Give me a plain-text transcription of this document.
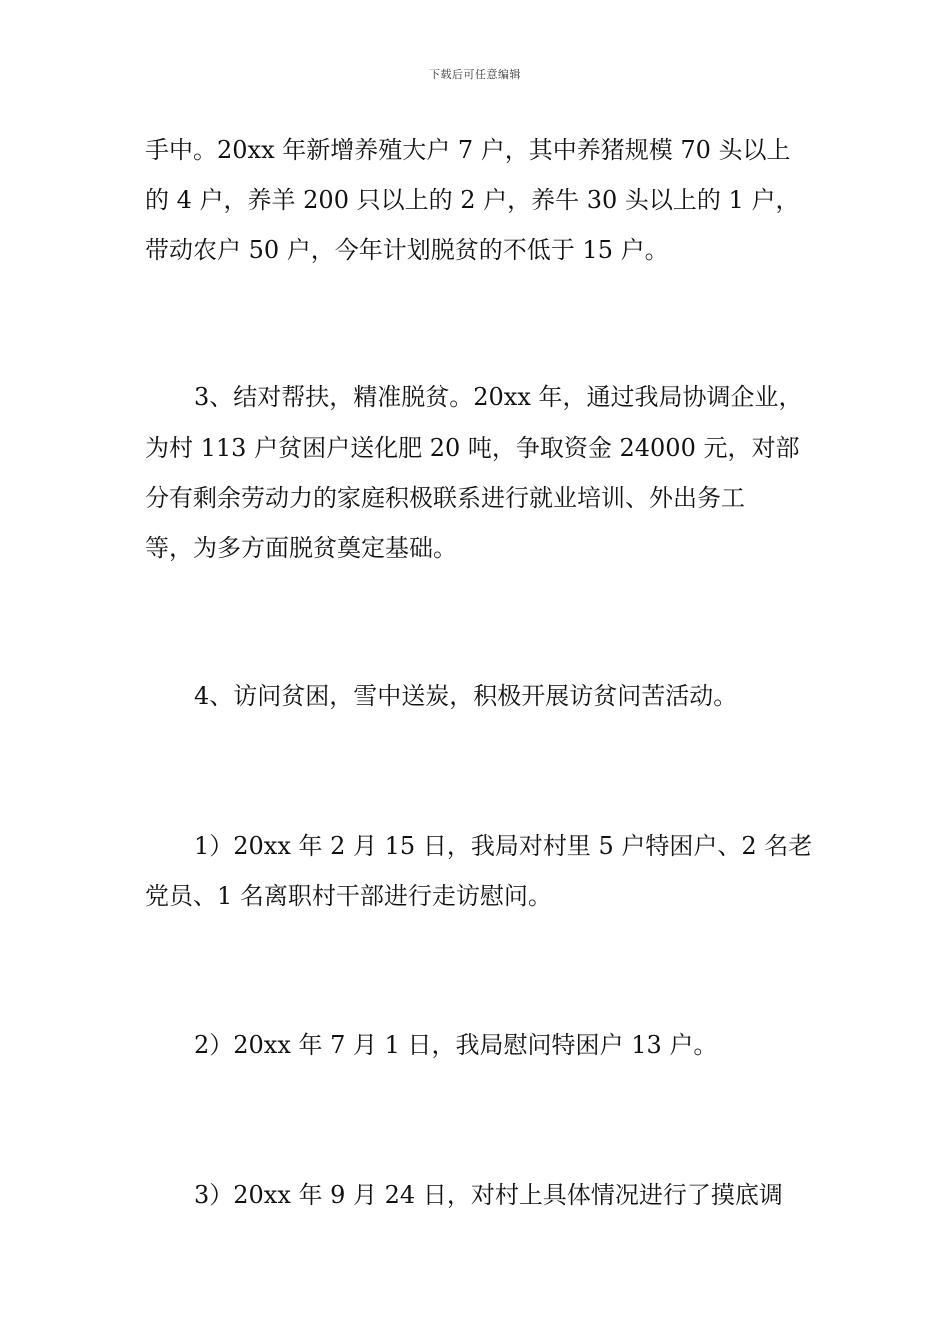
下载后可任意编辑
手中。20xx 年新增养殖大户 7 户，其中养猪规模 70 头以上
的 4 户，养羊 200 只以上的 2 户，养牛 30 头以上的 1 户，
带动农户 50 户，今年计划脱贫的不低于 15 户。
3、结对帮扶，精准脱贫。20xx 年，通过我局协调企业，
为村 113 户贫困户送化肥 20 吨，争取资金 24000 元，对部
分有剩余劳动力的家庭积极联系进行就业培训、外出务工
等，为多方面脱贫奠定基础。
4、访问贫困，雪中送炭，积极开展访贫问苦活动。
1）20xx 年 2 月 15 日，我局对村里 5 户特困户、2 名老
党员、1 名离职村干部进行走访慰问。
2）20xx 年 7 月 1 日，我局慰问特困户 13 户。
3）20xx 年 9 月 24 日，对村上具体情况进行了摸底调
